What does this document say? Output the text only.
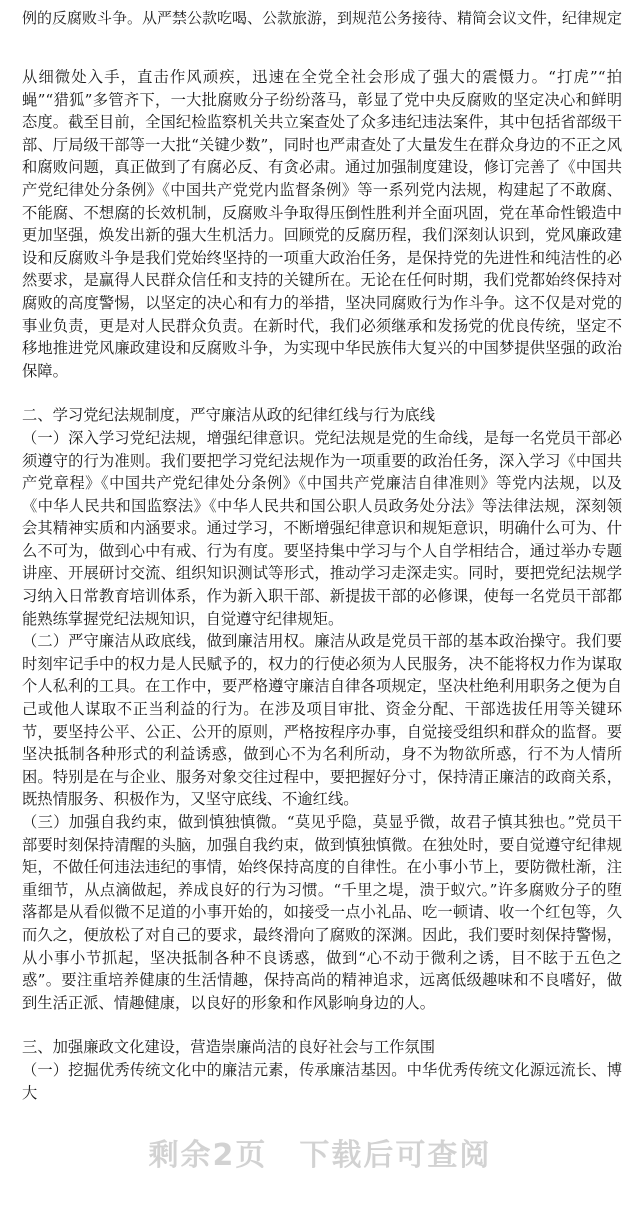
例的反腐败斗争。从严禁公款吃喝、公款旅游，到规范公务接待、精简会议文件，纪律规定

从细微处入手，直击作风顽疾，迅速在全党全社会形成了强大的震慑力。“打虎”“拍蝇”“猎狐”多管齐下，一大批腐败分子纷纷落马，彰显了党中央反腐败的坚定决心和鲜明态度。截至目前，全国纪检监察机关共立案查处了众多违纪违法案件，其中包括省部级干部、厅局级干部等一大批“关键少数”，同时也严肃查处了大量发生在群众身边的不正之风和腐败问题，真正做到了有腐必反、有贪必肃。通过加强制度建设，修订完善了《中国共产党纪律处分条例》《中国共产党党内监督条例》等一系列党内法规，构建起了不敢腐、不能腐、不想腐的长效机制，反腐败斗争取得压倒性胜利并全面巩固，党在革命性锻造中更加坚强，焕发出新的强大生机活力。回顾党的反腐历程，我们深刻认识到，党风廉政建设和反腐败斗争是我们党始终坚持的一项重大政治任务，是保持党的先进性和纯洁性的必然要求，是赢得人民群众信任和支持的关键所在。无论在任何时期，我们党都始终保持对腐败的高度警惕，以坚定的决心和有力的举措，坚决同腐败行为作斗争。这不仅是对党的事业负责，更是对人民群众负责。在新时代，我们必须继承和发扬党的优良传统，坚定不移地推进党风廉政建设和反腐败斗争，为实现中华民族伟大复兴的中国梦提供坚强的政治保障。

二、学习党纪法规制度，严守廉洁从政的纪律红线与行为底线

（一）深入学习党纪法规，增强纪律意识。党纪法规是党的生命线，是每一名党员干部必须遵守的行为准则。我们要把学习党纪法规作为一项重要的政治任务，深入学习《中国共产党章程》《中国共产党纪律处分条例》《中国共产党廉洁自律准则》等党内法规，以及《中华人民共和国监察法》《中华人民共和国公职人员政务处分法》等法律法规，深刻领会其精神实质和内涵要求。通过学习，不断增强纪律意识和规矩意识，明确什么可为、什么不可为，做到心中有戒、行为有度。要坚持集中学习与个人自学相结合，通过举办专题讲座、开展研讨交流、组织知识测试等形式，推动学习走深走实。同时，要把党纪法规学习纳入日常教育培训体系，作为新入职干部、新提拔干部的必修课，使每一名党员干部都能熟练掌握党纪法规知识，自觉遵守纪律规矩。

（二）严守廉洁从政底线，做到廉洁用权。廉洁从政是党员干部的基本政治操守。我们要时刻牢记手中的权力是人民赋予的，权力的行使必须为人民服务，决不能将权力作为谋取个人私利的工具。在工作中，要严格遵守廉洁自律各项规定，坚决杜绝利用职务之便为自己或他人谋取不正当利益的行为。在涉及项目审批、资金分配、干部选拔任用等关键环节，要坚持公平、公正、公开的原则，严格按程序办事，自觉接受组织和群众的监督。要坚决抵制各种形式的利益诱惑，做到心不为名利所动，身不为物欲所惑，行不为人情所困。特别是在与企业、服务对象交往过程中，要把握好分寸，保持清正廉洁的政商关系，既热情服务、积极作为，又坚守底线、不逾红线。

（三）加强自我约束，做到慎独慎微。“莫见乎隐，莫显乎微，故君子慎其独也。”党员干部要时刻保持清醒的头脑，加强自我约束，做到慎独慎微。在独处时，要自觉遵守纪律规矩，不做任何违法违纪的事情，始终保持高度的自律性。在小事小节上，要防微杜渐，注重细节，从点滴做起，养成良好的行为习惯。“千里之堤，溃于蚁穴。”许多腐败分子的堕落都是从看似微不足道的小事开始的，如接受一点小礼品、吃一顿请、收一个红包等，久而久之，便放松了对自己的要求，最终滑向了腐败的深渊。因此，我们要时刻保持警惕，从小事小节抓起，坚决抵制各种不良诱惑，做到“心不动于微利之诱，目不眩于五色之惑”。要注重培养健康的生活情趣，保持高尚的精神追求，远离低级趣味和不良嗜好，做到生活正派、情趣健康，以良好的形象和作风影响身边的人。

三、加强廉政文化建设，营造崇廉尚洁的良好社会与工作氛围

（一）挖掘优秀传统文化中的廉洁元素，传承廉洁基因。中华优秀传统文化源远流长、博大

剩余2页　下载后可查阅
